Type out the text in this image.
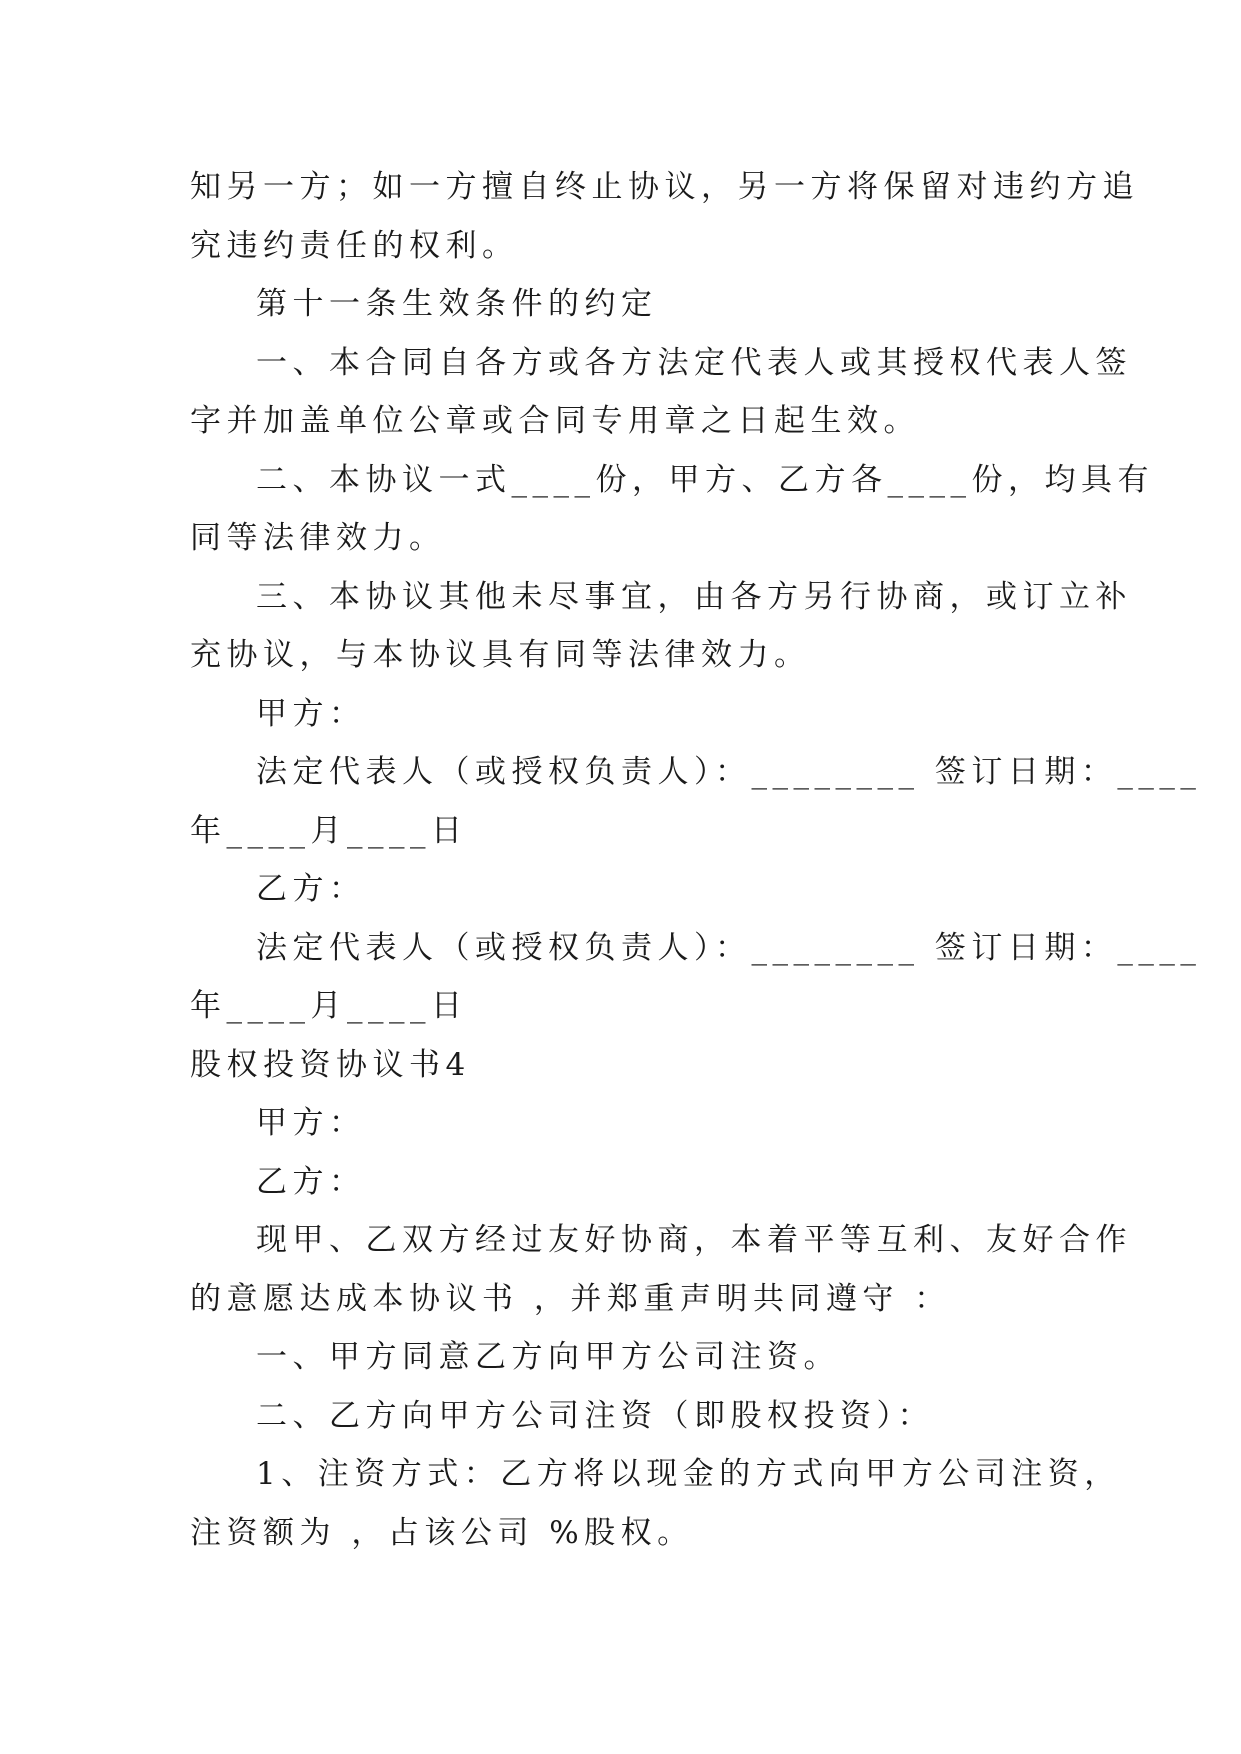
知另一方；如一方擅自终止协议，另一方将保留对违约方追
究违约责任的权利。
第十一条生效条件的约定
一、本合同自各方或各方法定代表人或其授权代表人签
字并加盖单位公章或合同专用章之日起生效。
二、本协议一式____份，甲方、乙方各____份，均具有
同等法律效力。
三、本协议其他未尽事宜，由各方另行协商，或订立补
充协议，与本协议具有同等法律效力。
甲方：
法定代表人（或授权负责人）：________ 签订日期：____
年____月____日
乙方：
法定代表人（或授权负责人）：________ 签订日期：____
年____月____日
股权投资协议书4
甲方：
乙方：
现甲、乙双方经过友好协商，本着平等互利、友好合作
的意愿达成本协议书 ，并郑重声明共同遵守 ：
一、甲方同意乙方向甲方公司注资。
二、乙方向甲方公司注资（即股权投资）：
1、注资方式：乙方将以现金的方式向甲方公司注资，
注资额为 ，占该公司 %股权。
